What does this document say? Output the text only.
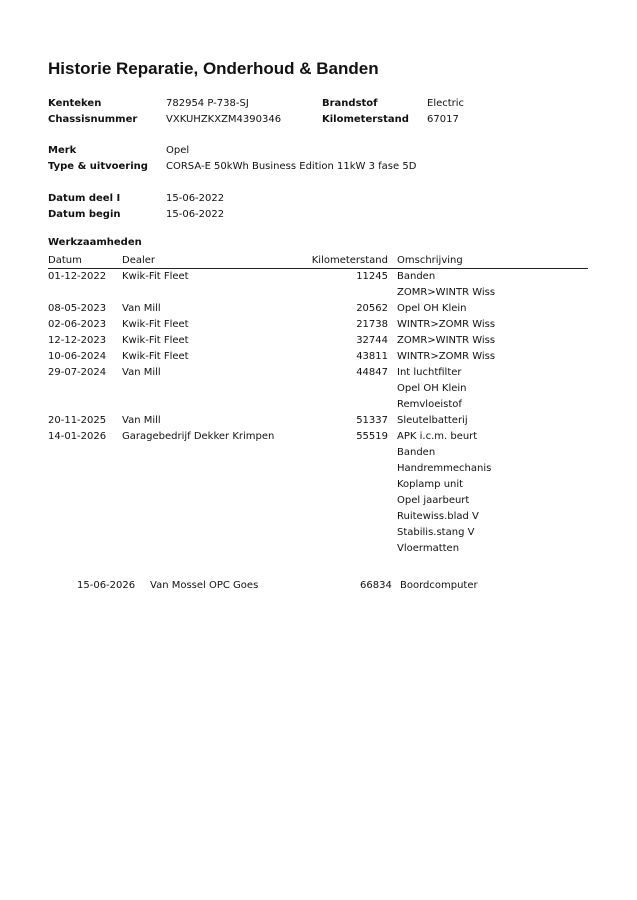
Historie Reparatie, Onderhoud & Banden
Kenteken	782954 P-738-SJ	Brandstof	Electric
Chassisnummer	VXKUHZKXZM4390346	Kilometerstand 67017
Merk	Opel
Type & uitvoering CORSA-E 50kWh Business Edition 11kW 3 fase 5D
Datum deel I	15-06-2022
Datum begin	15-06-2022
Werkzaamheden
Datum	Dealer	Kilometerstand Omschrijving
01-12-2022 Kwik-Fit Fleet	11245 Banden
ZOMR>WINTR Wiss
08-05-2023 Van Mill	20562 Opel OH Klein
02-06-2023 Kwik-Fit Fleet	21738 WINTR>ZOMR Wiss
12-12-2023 Kwik-Fit Fleet	32744 ZOMR>WINTR Wiss
10-06-2024 Kwik-Fit Fleet	43811 WINTR>ZOMR Wiss
29-07-2024 Van Mill	44847 Int luchtfilter
Opel OH Klein
Remvloeistof
20-11-2025 Van Mill	51337 Sleutelbatterij
14-01-2026 Garagebedrijf Dekker Krimpen	55519 APK i.c.m. beurt
Banden
Handremmechanis
Koplamp unit
Opel jaarbeurt
Ruitewiss.blad V
Stabilis.stang V
Vloermatten
15-06-2026 Van Mossel OPC Goes	66834 Boordcomputer
